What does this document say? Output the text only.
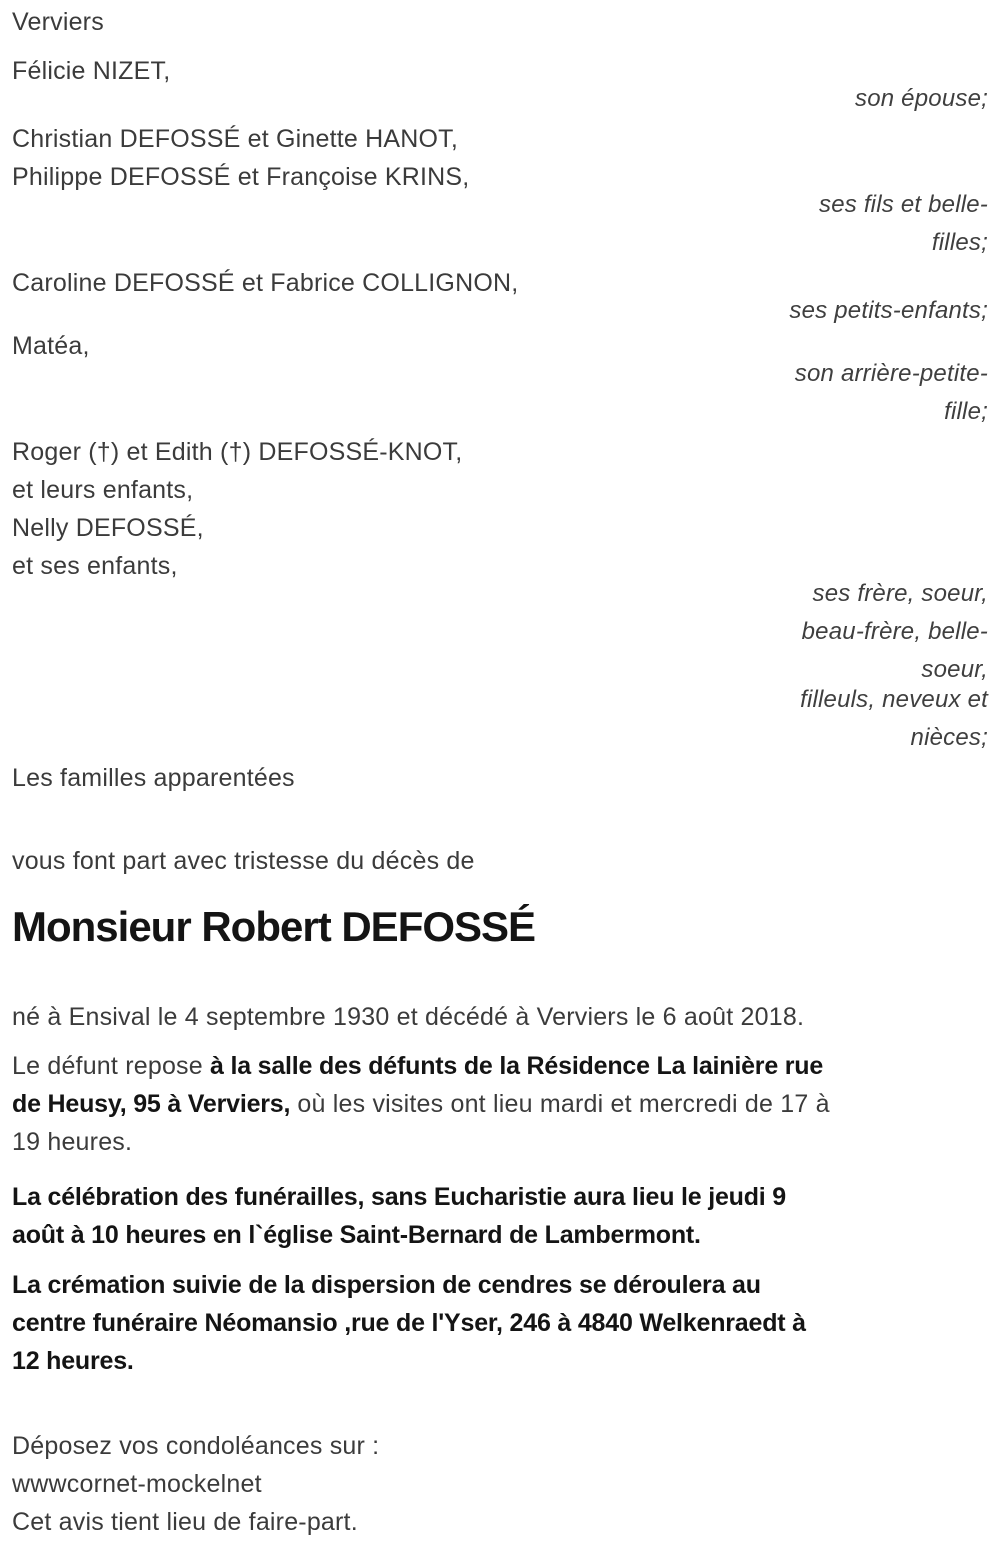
Verviers
Félicie NIZET,
son épouse;
Christian DEFOSSÉ et Ginette HANOT,
Philippe DEFOSSÉ et Françoise KRINS,
ses fils et belle-
filles;
Caroline DEFOSSÉ et Fabrice COLLIGNON,
ses petits-enfants;
Matéa,
son arrière-petite-
fille;
Roger (†) et Edith (†) DEFOSSÉ-KNOT,
et leurs enfants,
Nelly DEFOSSÉ,
et ses enfants,
ses frère, soeur,
beau-frère, belle-
soeur,
filleuls, neveux et
nièces;
Les familles apparentées
vous font part avec tristesse du décès de
Monsieur Robert DEFOSSÉ
né à Ensival le 4 septembre 1930 et décédé à Verviers le 6 août 2018.
Le défunt repose à la salle des défunts de la Résidence La lainière rue
de Heusy, 95 à Verviers, où les visites ont lieu mardi et mercredi de 17 à
19 heures.
La célébration des funérailles, sans Eucharistie aura lieu le jeudi 9
août à 10 heures en l`église Saint-Bernard de Lambermont.
La crémation suivie de la dispersion de cendres se déroulera au
centre funéraire Néomansio ,rue de l'Yser, 246 à 4840 Welkenraedt à
12 heures.
Déposez vos condoléances sur :
wwwcornet-mockelnet
Cet avis tient lieu de faire-part.
